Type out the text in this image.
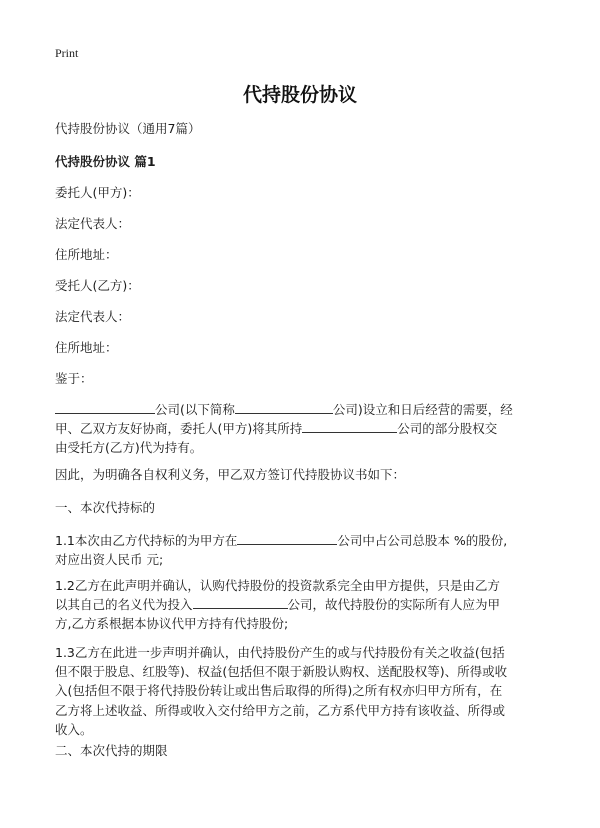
Print
代持股份协议
代持股份协议（通用7篇）
代持股份协议 篇1
委托人(甲方)：
法定代表人：
住所地址：
受托人(乙方)：
法定代表人：
住所地址：
鉴于：
公司(以下简称	公司)设立和日后经营的需要，经
甲、乙双方友好协商，委托人(甲方)将其所持	公司的部分股权交
由受托方(乙方)代为持有。
因此，为明确各自权利义务，甲乙双方签订代持股协议书如下：
一、本次代持标的
1.1本次由乙方代持标的为甲方在	公司中占公司总股本 %的股份,
对应出资人民币 元;
1.2乙方在此声明并确认，认购代持股份的投资款系完全由甲方提供，只是由乙方
以其自己的名义代为投入	公司，故代持股份的实际所有人应为甲
方,乙方系根据本协议代甲方持有代持股份;
1.3乙方在此进一步声明并确认，由代持股份产生的或与代持股份有关之收益(包括
但不限于股息、红股等)、权益(包括但不限于新股认购权、送配股权等)、所得或收
入(包括但不限于将代持股份转让或出售后取得的所得)之所有权亦归甲方所有，在
乙方将上述收益、所得或收入交付给甲方之前，乙方系代甲方持有该收益、所得或
收入。
二、本次代持的期限
